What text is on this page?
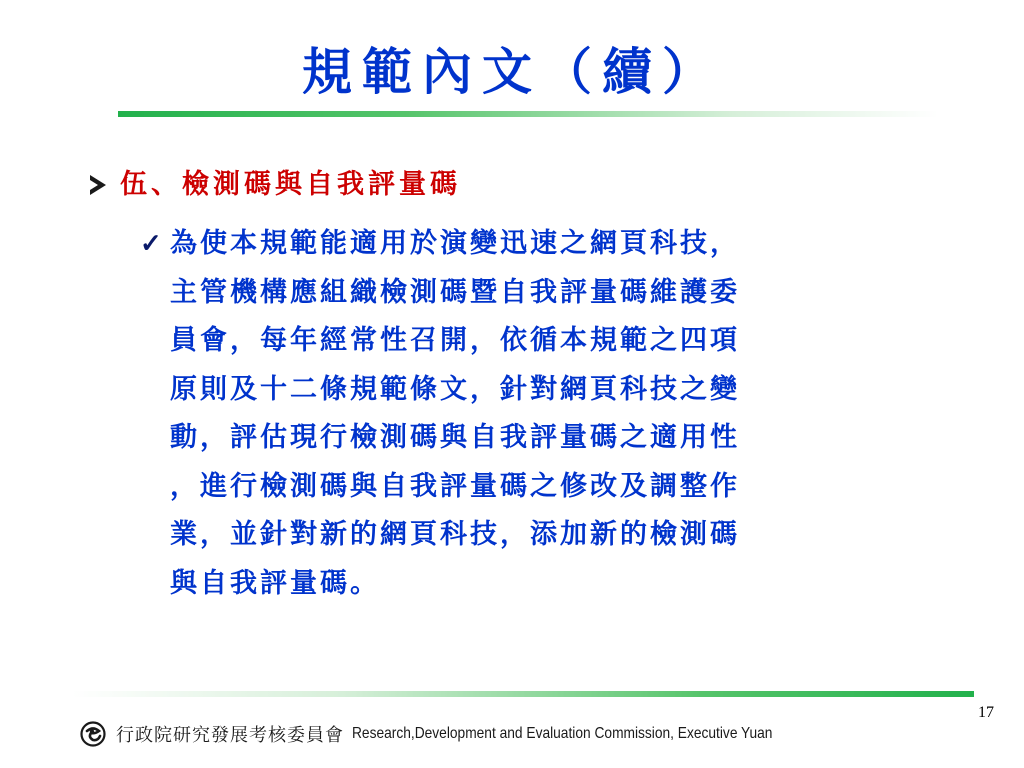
規範內文（續）
伍、檢測碼與自我評量碼
✓ 為使本規範能適用於演變迅速之網頁科技，
主管機構應組織檢測碼暨自我評量碼維護委
員會，每年經常性召開，依循本規範之四項
原則及十二條規範條文，針對網頁科技之變
動，評估現行檢測碼與自我評量碼之適用性
，進行檢測碼與自我評量碼之修改及調整作
業，並針對新的網頁科技，添加新的檢測碼
與自我評量碼。

17
行政院研究發展考核委員會 Research,Development and Evaluation Commission, Executive Yuan
